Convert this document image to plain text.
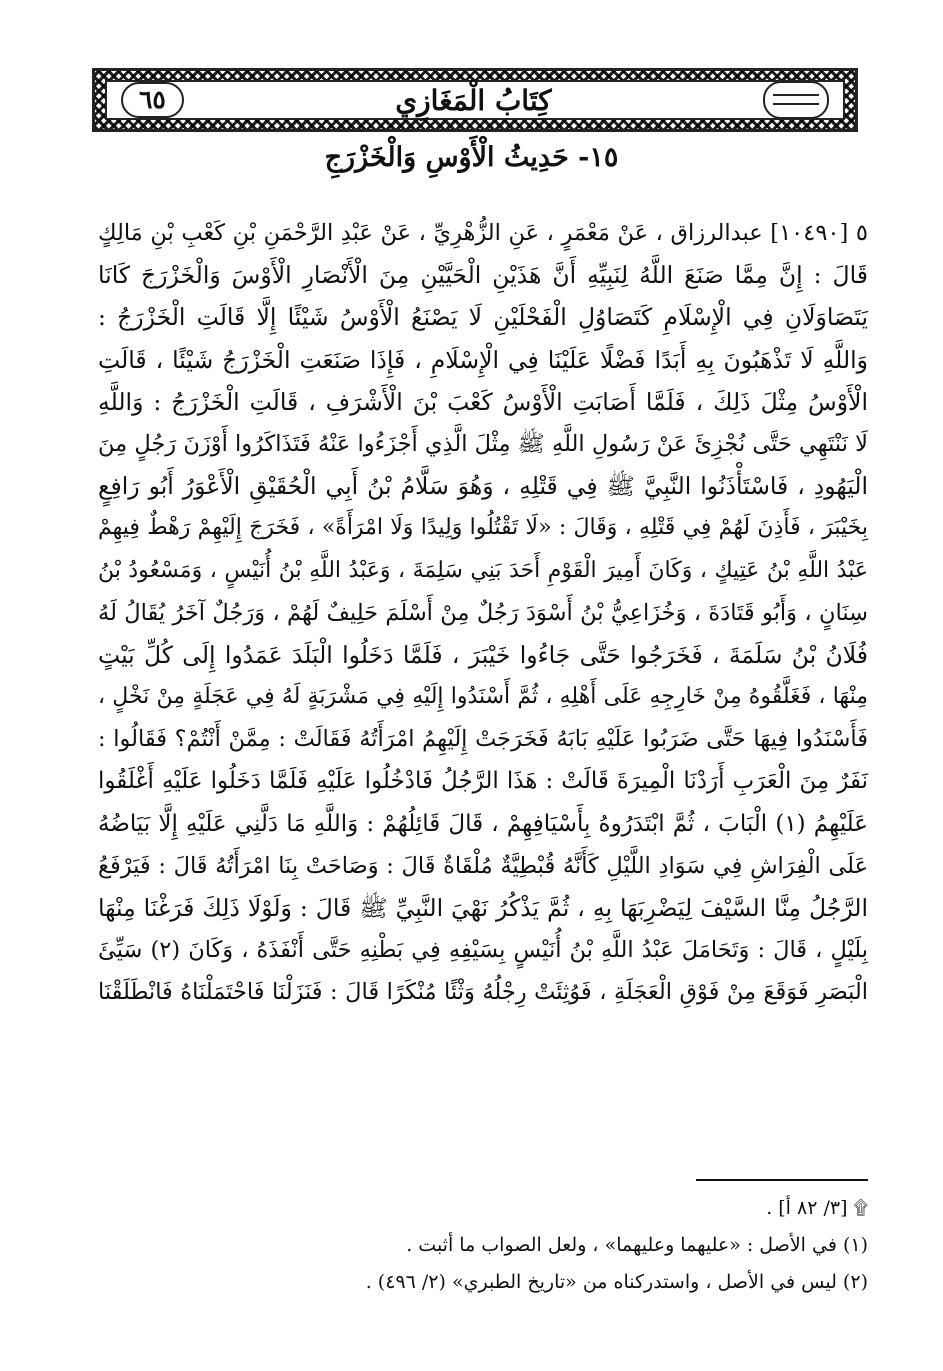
٦٥	كِتَابُ الْمَغَازِي
١٥- حَدِيثُ الْأَوْسِ وَالْخَزْرَجِ
٥ [١٠٤٩٠] عبدالرزاق ، عَنْ مَعْمَرٍ ، عَنِ الزُّهْرِيِّ ، عَنْ عَبْدِ الرَّحْمَنِ بْنِ كَعْبِ بْنِ مَالِكٍ
قَالَ : إِنَّ مِمَّا صَنَعَ اللَّهُ لِنَبِيِّهِ أَنَّ هَذَيْنِ الْحَيَّيْنِ مِنَ الْأَنْصَارِ الْأَوْسَ وَالْخَزْرَجَ كَانَا
يَتَصَاوَلَانِ فِي الْإِسْلَامِ كَتَصَاوُلِ الْفَحْلَيْنِ لَا يَصْنَعُ الْأَوْسُ شَيْئًا إِلَّا قَالَتِ الْخَزْرَجُ :
وَاللَّهِ لَا تَذْهَبُونَ بِهِ أَبَدًا فَضْلًا عَلَيْنَا فِي الْإِسْلَامِ ، فَإِذَا صَنَعَتِ الْخَزْرَجُ شَيْئًا ، قَالَتِ
الْأَوْسُ مِثْلَ ذَلِكَ ، فَلَمَّا أَصَابَتِ الْأَوْسُ كَعْبَ بْنَ الْأَشْرَفِ ، قَالَتِ الْخَزْرَجُ : وَاللَّهِ
لَا نَنْتَهِي حَتَّى نُجْزِئَ عَنْ رَسُولِ اللَّهِ ﷺ مِثْلَ الَّذِي أَجْزَءُوا عَنْهُ فَتَذَاكَرُوا أَوْزَنَ رَجُلٍ مِنَ
الْيَهُودِ ، فَاسْتَأْذَنُوا النَّبِيَّ ﷺ فِي قَتْلِهِ ، وَهُوَ سَلَّامُ بْنُ أَبِي الْحُقَيْقِ الْأَعْوَرُ أَبُو رَافِعٍ
بِخَيْبَرَ ، فَأَذِنَ لَهُمْ فِي قَتْلِهِ ، وَقَالَ : «لَا تَقْتُلُوا وَلِيدًا وَلَا امْرَأَةً» ، فَخَرَجَ إِلَيْهِمْ رَهْطٌ فِيهِمْ
عَبْدُ اللَّهِ بْنُ عَتِيكٍ ، وَكَانَ أَمِيرَ الْقَوْمِ أَحَدَ بَنِي سَلِمَةَ ، وَعَبْدُ اللَّهِ بْنُ أُنَيْسٍ ، وَمَسْعُودُ بْنُ
سِنَانٍ ، وَأَبُو قَتَادَةَ ، وَخُزَاعِيُّ بْنُ أَسْوَدَ رَجُلٌ مِنْ أَسْلَمَ حَلِيفٌ لَهُمْ ، وَرَجُلٌ آخَرُ يُقَالُ لَهُ
فُلَانُ بْنُ سَلَمَةَ ، فَخَرَجُوا حَتَّى جَاءُوا خَيْبَرَ ، فَلَمَّا دَخَلُوا الْبَلَدَ عَمَدُوا إِلَى كُلِّ بَيْتٍ
مِنْهَا ، فَغَلَّقُوهُ مِنْ خَارِجِهِ عَلَى أَهْلِهِ ، ثُمَّ أَسْنَدُوا إِلَيْهِ فِي مَشْرَبَةٍ لَهُ فِي عَجَلَةٍ مِنْ نَخْلٍ ،
فَأَسْنَدُوا فِيهَا حَتَّى ضَرَبُوا عَلَيْهِ بَابَهُ فَخَرَجَتْ إِلَيْهِمُ امْرَأَتُهُ فَقَالَتْ : مِمَّنْ أَنْتُمْ؟ فَقَالُوا :
نَفَرٌ مِنَ الْعَرَبِ أَرَدْنَا الْمِيرَةَ قَالَتْ : هَذَا الرَّجُلُ فَادْخُلُوا عَلَيْهِ فَلَمَّا دَخَلُوا عَلَيْهِ أَغْلَقُوا
عَلَيْهِمُ (١) الْبَابَ ، ثُمَّ ابْتَدَرُوهُ بِأَسْيَافِهِمْ ، قَالَ قَائِلُهُمْ : وَاللَّهِ مَا دَلَّنِي عَلَيْهِ إِلَّا بَيَاضُهُ
عَلَى الْفِرَاشِ فِي سَوَادِ اللَّيْلِ كَأَنَّهُ قُبْطِيَّةٌ مُلْقَاةٌ قَالَ : وَصَاحَتْ بِنَا امْرَأَتُهُ قَالَ : فَيَرْفَعُ
الرَّجُلُ مِنَّا السَّيْفَ لِيَضْرِبَهَا بِهِ ، ثُمَّ يَذْكُرُ نَهْيَ النَّبِيِّ ﷺ قَالَ : وَلَوْلَا ذَلِكَ فَرَغْنَا مِنْهَا
بِلَيْلٍ ، قَالَ : وَتَحَامَلَ عَبْدُ اللَّهِ بْنُ أُنَيْسٍ بِسَيْفِهِ فِي بَطْنِهِ حَتَّى أَنْفَذَهُ ، وَكَانَ (٢) سَيِّئَ
الْبَصَرِ فَوَقَعَ مِنْ فَوْقِ الْعَجَلَةِ ، فَوُثِئَتْ رِجْلُهُ وَثْئًا مُنْكَرًا قَالَ : فَنَزَلْنَا فَاحْتَمَلْنَاهُ فَانْطَلَقْنَا
۩ [٣/ ٨٢ أ] .
(١) في الأصل : «عليهما وعليهما» ، ولعل الصواب ما أثبت .
(٢) ليس في الأصل ، واستدركناه من «تاريخ الطبري» (٢/ ٤٩٦) .
